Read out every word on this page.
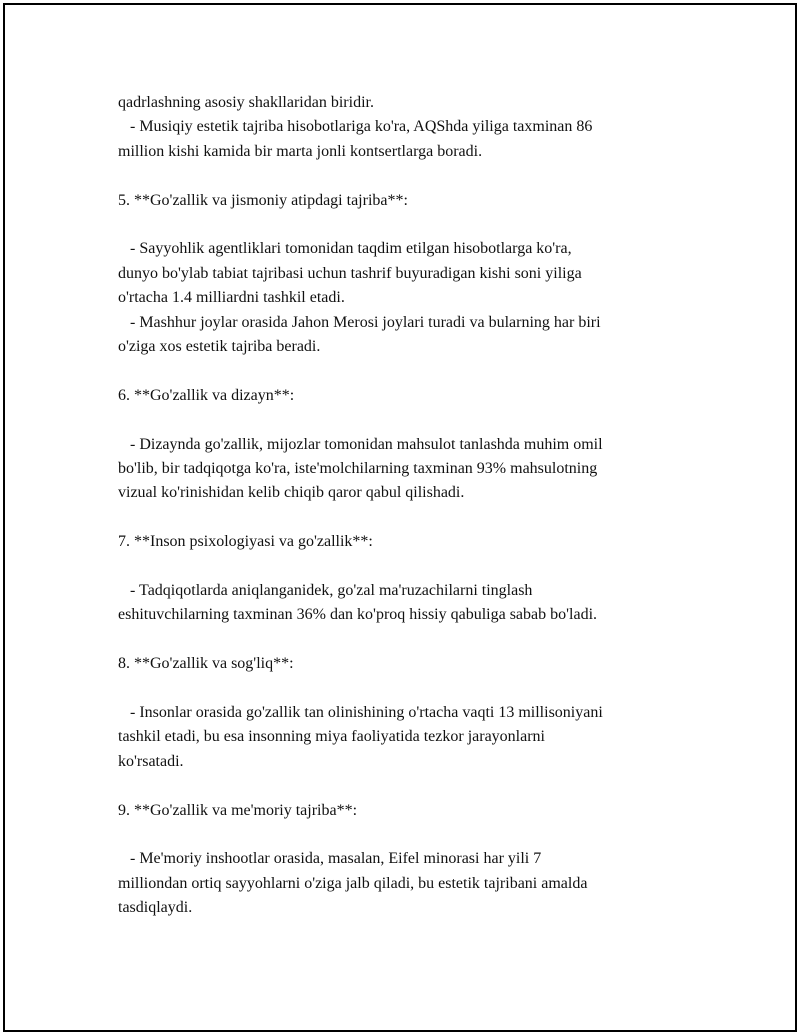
qadrlashning asosiy shakllaridan biridir.

- Musiqiy estetik tajriba hisobotlariga ko'ra, AQShda yiliga taxminan 86

million kishi kamida bir marta jonli kontsertlarga boradi.

5. **Go'zallik va jismoniy atipdagi tajriba**:

- Sayyohlik agentliklari tomonidan taqdim etilgan hisobotlarga ko'ra,

dunyo bo'ylab tabiat tajribasi uchun tashrif buyuradigan kishi soni yiliga

o'rtacha 1.4 milliardni tashkil etadi.

- Mashhur joylar orasida Jahon Merosi joylari turadi va bularning har biri

o'ziga xos estetik tajriba beradi.

6. **Go'zallik va dizayn**:

- Dizaynda go'zallik, mijozlar tomonidan mahsulot tanlashda muhim omil

bo'lib, bir tadqiqotga ko'ra, iste'molchilarning taxminan 93% mahsulotning

vizual ko'rinishidan kelib chiqib qaror qabul qilishadi.

7. **Inson psixologiyasi va go'zallik**:

- Tadqiqotlarda aniqlanganidek, go'zal ma'ruzachilarni tinglash

eshituvchilarning taxminan 36% dan ko'proq hissiy qabuliga sabab bo'ladi.

8. **Go'zallik va sog'liq**:

- Insonlar orasida go'zallik tan olinishining o'rtacha vaqti 13 millisoniyani

tashkil etadi, bu esa insonning miya faoliyatida tezkor jarayonlarni

ko'rsatadi.

9. **Go'zallik va me'moriy tajriba**:

- Me'moriy inshootlar orasida, masalan, Eifel minorasi har yili 7

milliondan ortiq sayyohlarni o'ziga jalb qiladi, bu estetik tajribani amalda

tasdiqlaydi.
